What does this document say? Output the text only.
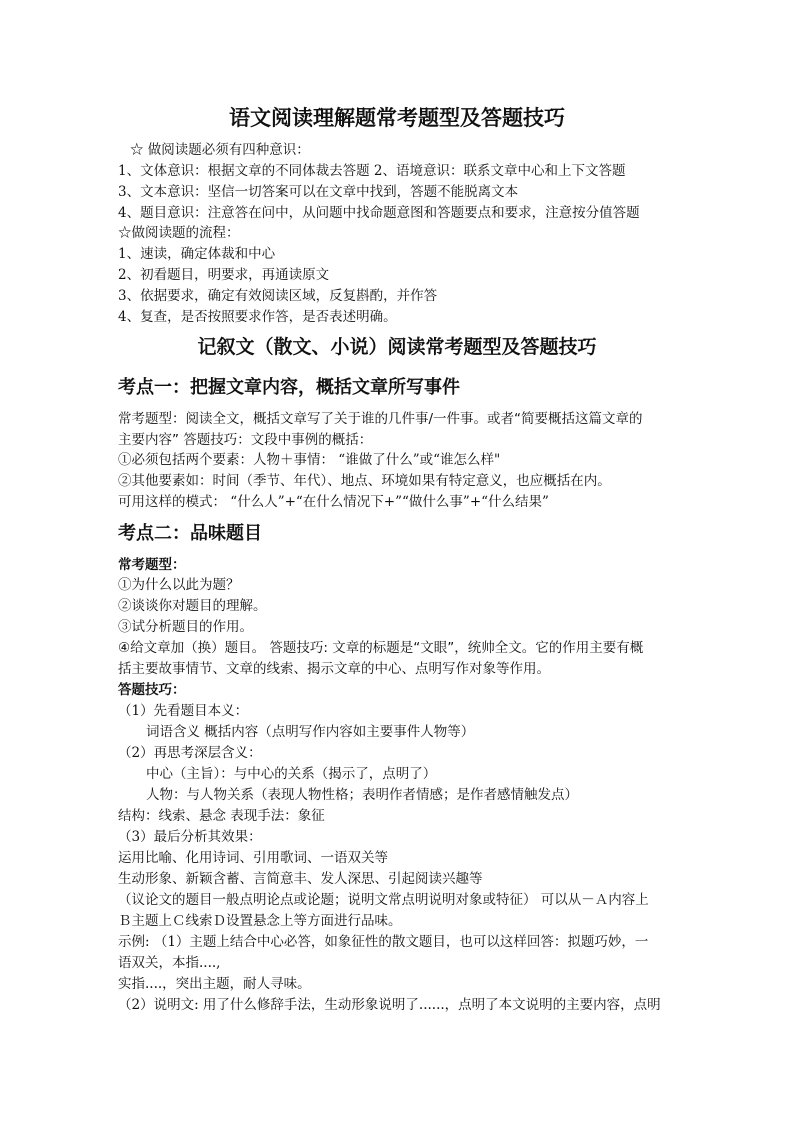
语文阅读理解题常考题型及答题技巧
☆ 做阅读题必须有四种意识：
1、文体意识：根据文章的不同体裁去答题 2、语境意识：联系文章中心和上下文答题
3、文本意识：坚信一切答案可以在文章中找到，答题不能脱离文本
4、题目意识：注意答在问中，从问题中找命题意图和答题要点和要求，注意按分值答题
☆做阅读题的流程：
1、速读，确定体裁和中心
2、初看题目，明要求，再通读原文
3、依据要求，确定有效阅读区域，反复斟酌，并作答
4、复查，是否按照要求作答，是否表述明确。
记叙文（散文、小说）阅读常考题型及答题技巧
考点一：把握文章内容，概括文章所写事件
常考题型：阅读全文，概括文章写了关于谁的几件事/一件事。或者“简要概括这篇文章的
主要内容” 答题技巧：文段中事例的概括：
①必须包括两个要素：人物＋事情： “谁做了什么”或“谁怎么样"
②其他要素如：时间（季节、年代）、地点、环境如果有特定意义，也应概括在内。
可用这样的模式： “什么人”+“在什么情况下+”“做什么事”+“什么结果”
考点二：品味题目
常考题型：
①为什么以此为题？
②谈谈你对题目的理解。
③试分析题目的作用。
④给文章加（换）题目。 答题技巧: 文章的标题是“文眼”，统帅全文。它的作用主要有概
括主要故事情节、文章的线索、揭示文章的中心、点明写作对象等作用。
答题技巧：
（1）先看题目本义：
词语含义 概括内容（点明写作内容如主要事件人物等）
（2）再思考深层含义：
中心（主旨）：与中心的关系（揭示了，点明了）
人物：与人物关系（表现人物性格；表明作者情感；是作者感情触发点）
结构：线索、悬念 表现手法：象征
（3）最后分析其效果：
运用比喻、化用诗词、引用歌词、一语双关等
生动形象、新颖含蓄、言简意丰、发人深思、引起阅读兴趣等
（议论文的题目一般点明论点或论题；说明文常点明说明对象或特征） 可以从－Ａ内容上
Ｂ主题上Ｃ线索Ｄ设置悬念上等方面进行品味。
示例: （1）主题上结合中心必答，如象征性的散文题目，也可以这样回答：拟题巧妙，一
语双关，本指....,
实指....，突出主题，耐人寻味。
（2）说明文: 用了什么修辞手法，生动形象说明了......，点明了本文说明的主要内容，点明
